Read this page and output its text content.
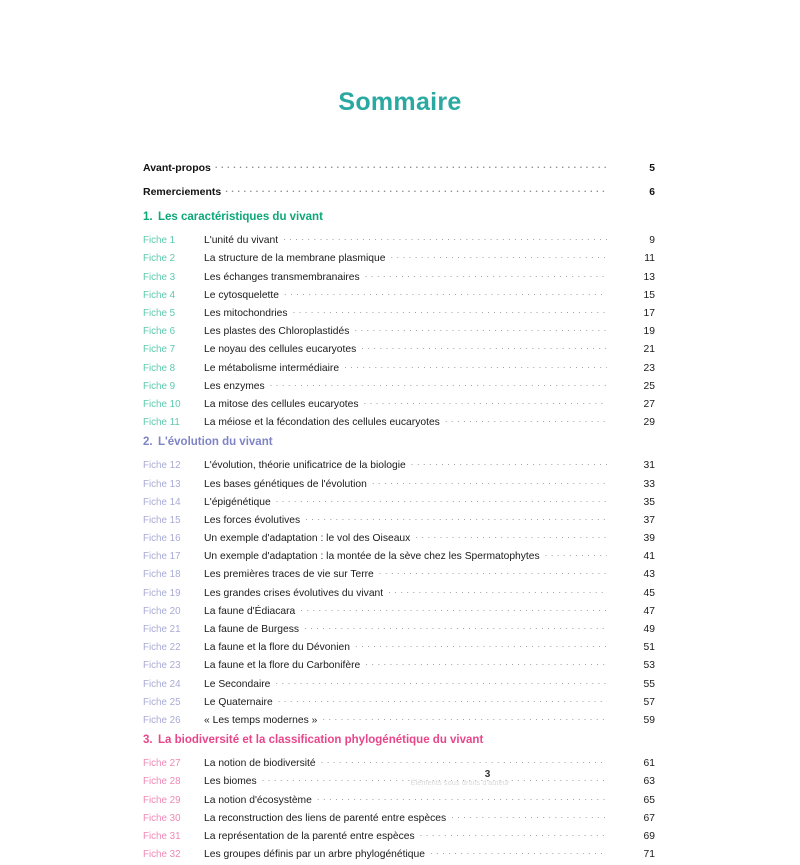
Sommaire
Avant-propos . . .	5
Remerciements . . .	6
1. Les caractéristiques du vivant
Fiche 1	L'unité du vivant . . .	9
Fiche 2	La structure de la membrane plasmique . . .	11
Fiche 3	Les échanges transmembranaires . . .	13
Fiche 4	Le cytosquelette . . .	15
Fiche 5	Les mitochondries . . .	17
Fiche 6	Les plastes des Chloroplastidés . . .	19
Fiche 7	Le noyau des cellules eucaryotes . . .	21
Fiche 8	Le métabolisme intermédiaire . . .	23
Fiche 9	Les enzymes . . .	25
Fiche 10	La mitose des cellules eucaryotes . . .	27
Fiche 11	La méiose et la fécondation des cellules eucaryotes . . .	29
2. L'évolution du vivant
Fiche 12	L'évolution, théorie unificatrice de la biologie . . .	31
Fiche 13	Les bases génétiques de l'évolution . . .	33
Fiche 14	L'épigénétique . . .	35
Fiche 15	Les forces évolutives . . .	37
Fiche 16	Un exemple d'adaptation : le vol des Oiseaux . . .	39
Fiche 17	Un exemple d'adaptation : la montée de la sève chez les Spermatophytes . . .	41
Fiche 18	Les premières traces de vie sur Terre . . .	43
Fiche 19	Les grandes crises évolutives du vivant . . .	45
Fiche 20	La faune d'Édiacara . . .	47
Fiche 21	La faune de Burgess . . .	49
Fiche 22	La faune et la flore du Dévonien . . .	51
Fiche 23	La faune et la flore du Carbonifère . . .	53
Fiche 24	Le Secondaire . . .	55
Fiche 25	Le Quaternaire . . .	57
Fiche 26	« Les temps modernes » . . .	59
3. La biodiversité et la classification phylogénétique du vivant
Fiche 27	La notion de biodiversité . . .	61
Fiche 28	Les biomes . . .	63
Fiche 29	La notion d'écosystème . . .	65
Fiche 30	La reconstruction des liens de parenté entre espèces . . .	67
Fiche 31	La représentation de la parenté entre espèces . . .	69
Fiche 32	Les groupes définis par un arbre phylogénétique . . .	71
3
Éléments sous droits d'auteur
